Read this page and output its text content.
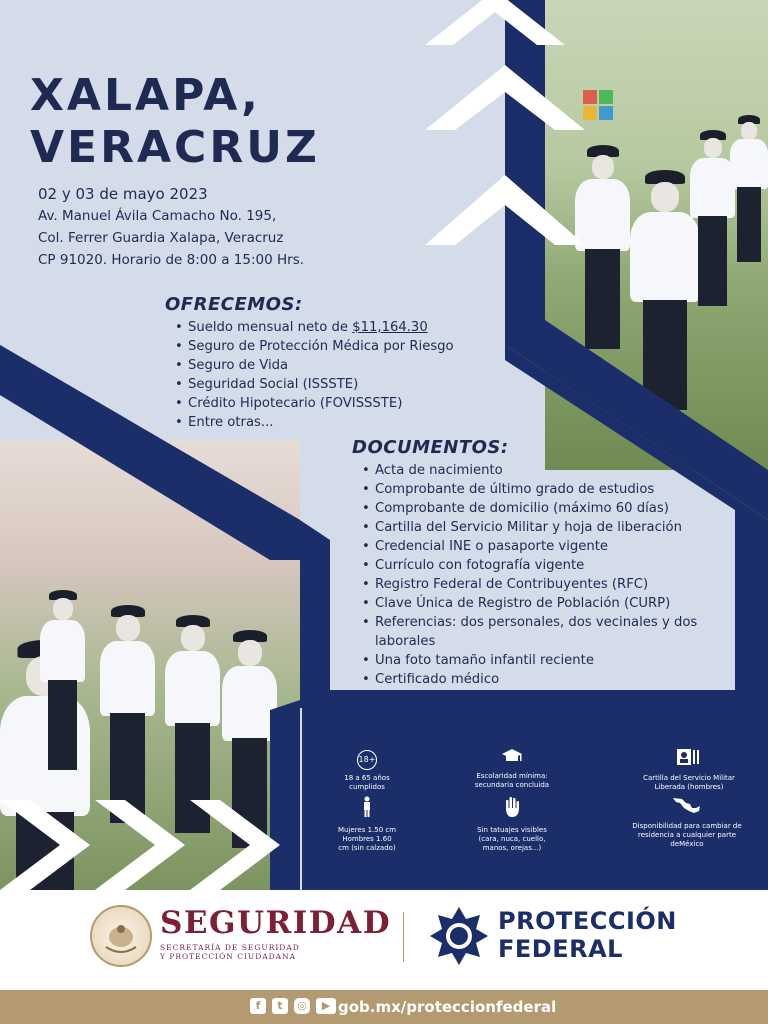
XALAPA,
VERACRUZ
02 y 03 de mayo 2023
Av. Manuel Ávila Camacho No. 195,
Col. Ferrer Guardia Xalapa, Veracruz
CP 91020. Horario de 8:00 a 15:00 Hrs.
OFRECEMOS:
• Sueldo mensual neto de $11,164.30
• Seguro de Protección Médica por Riesgo
• Seguro de Vida
• Seguridad Social (ISSSTE)
• Crédito Hipotecario (FOVISSSTE)
• Entre otras...
DOCUMENTOS:
• Acta de nacimiento
• Comprobante de último grado de estudios
• Comprobante de domicilio (máximo 60 días)
• Cartilla del Servicio Militar y hoja de liberación
• Credencial INE o pasaporte vigente
• Currículo con fotografía vigente
• Registro Federal de Contribuyentes (RFC)
• Clave Única de Registro de Población (CURP)
• Referencias: dos personales, dos vecinales y dos laborales
• Una foto tamaño infantil reciente
• Certificado médico
18+
18 a 65 años cumplidos
Escolaridad mínima: secundaria concluida
Cartilla del Servicio Militar Liberada (hombres)
Mujeres 1.50 cm Hombres 1.60 cm (sin calzado)
Sin tatuajes visibles (cara, nuca, cuello, manos, orejas...)
Disponibilidad para cambiar de residencia a cualquier parte deMéxico
SEGURIDAD
SECRETARÍA DE SEGURIDAD
Y PROTECCIÓN CIUDADANA
PROTECCIÓN
FEDERAL
f	t	◎	▶ gob.mx/proteccionfederal
